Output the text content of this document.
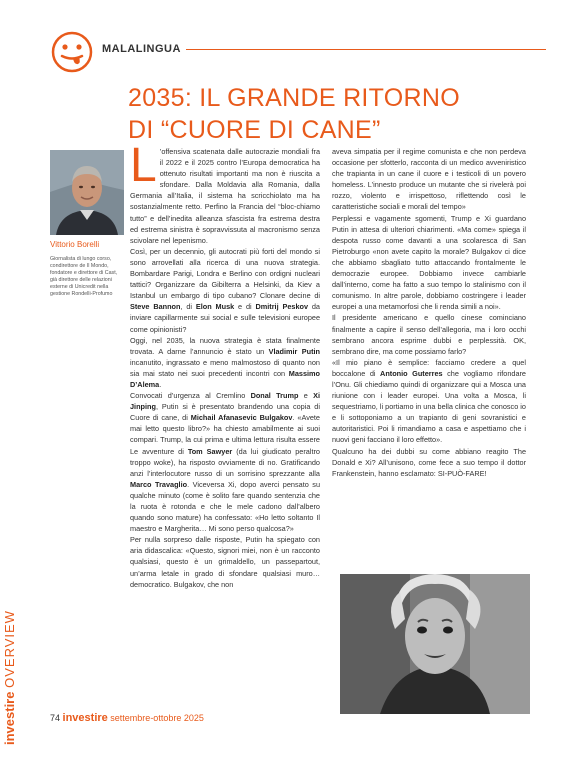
investire OVERVIEW
MALALINGUA
2035: IL GRANDE RITORNO
DI “CUORE DI CANE”
Vittorio Borelli
Giornalista di lungo corso, condirettore de Il Mondo, fondatore e direttore di Cast, già direttore delle relazioni esterne di Unicredit nella gestione Rondelli-Profumo
L ’offensiva scatenata dalle autocrazie mondiali fra il 2022 e il 2025 contro l’Europa democratica ha ottenuto risultati importanti ma non è riuscita a sfondare. Dalla Moldavia alla Romania, dalla Germania all’Italia, il sistema ha scricchiolato ma ha sostanzialmente retto. Perfino la Francia del “bloc-chiamo tutto” e dell’inedita alleanza sfascista fra estrema destra ed estrema sinistra è sopravvissuta al macronismo senza scivolare nel lepenismo.

Così, per un decennio, gli autocrati più forti del mondo si sono arrovellati alla ricerca di una nuova strategia. Bombardare Parigi, Londra e Berlino con ordigni nucleari tattici? Organizzare da Gibilterra a Helsinki, da Kiev a Istanbul un embargo di tipo cubano? Clonare decine di Steve Bannon, di Elon Musk e di Dmitrij Peskov da inviare capillarmente sui social e sulle televisioni europee come opinionisti?

Oggi, nel 2035, la nuova strategia è stata finalmente trovata. A darne l’annuncio è stato un Vladimir Putin incanutito, ingrassato e meno malmostoso di quanto non sia mai stato nei suoi precedenti incontri con Massimo D’Alema.

Convocati d’urgenza al Cremlino Donal Trump e Xi Jinping, Putin si è presentato brandendo una copia di Cuore di cane, di Michail Afanasevic Bulgakov. «Avete mai letto questo libro?» ha chiesto amabilmente ai suoi compari. Trump, la cui prima e ultima lettura risulta essere Le avventure di Tom Sawyer (da lui giudicato peraltro troppo woke), ha risposto ovviamente di no. Gratificando anzi l’interlocutore russo di un sorrisino sprezzante alla Marco Travaglio. Viceversa Xi, dopo averci pensato su qualche minuto (come è solito fare quando sentenzia che la ruota è rotonda e che le mele cadono dall’albero quando sono mature) ha confessato: «Ho letto soltanto Il maestro e Margherita… Mi sono perso qualcosa?»

Per nulla sorpreso dalle risposte, Putin ha spiegato con aria didascalica: «Questo, signori miei, non è un racconto qualsiasi, questo è un grimaldello, un passepartout, un’arma letale in grado di sfondare qualsiasi muro… democratico. Bulgakov, che non

aveva simpatia per il regime comunista e che non perdeva occasione per sfotterlo, racconta di un medico avveniristico che trapianta in un cane il cuore e i testicoli di un povero homeless. L’innesto produce un mutante che si rivelerà poi rozzo, violento e irrispettoso, riflettendo così le caratteristiche sociali e morali del tempo»

Perplessi e vagamente sgomenti, Trump e Xi guardano Putin in attesa di ulteriori chiarimenti. «Ma come» spiega il despota russo come davanti a una scolaresca di San Pietroburgo «non avete capito la morale? Bulgakov ci dice che abbiamo sbagliato tutto attaccando frontalmente le democrazie europee. Dobbiamo invece cambiarle dall’interno, come ha fatto a suo tempo lo stalinismo con il comunismo. In altre parole, dobbiamo costringere i leader europei a una metamorfosi che li renda simili a noi».

Il presidente americano e quello cinese cominciano finalmente a capire il senso dell’allegoria, ma i loro occhi sembrano ancora esprime dubbi e perplessità. OK, sembrano dire, ma come possiamo farlo?

«Il mio piano è semplice: facciamo credere a quel boccalone di Antonio Guterres che vogliamo rifondare l’Onu. Gli chiediamo quindi di organizzare qui a Mosca una riunione con i leader europei. Una volta a Mosca, li sequestriamo, li portiamo in una bella clinica che conosco io e li sottoponiamo a un trapianto di geni sovranistici e autoritaristici. Poi li rimandiamo a casa e aspettiamo che i nuovi geni facciano il loro effetto».

Qualcuno ha dei dubbi su come abbiano reagito The Donald e Xi? All’unisono, come fece a suo tempo il dottor Frankenstein, hanno esclamato: SI-PUÒ-FARE!

74 investire settembre-ottobre 2025
